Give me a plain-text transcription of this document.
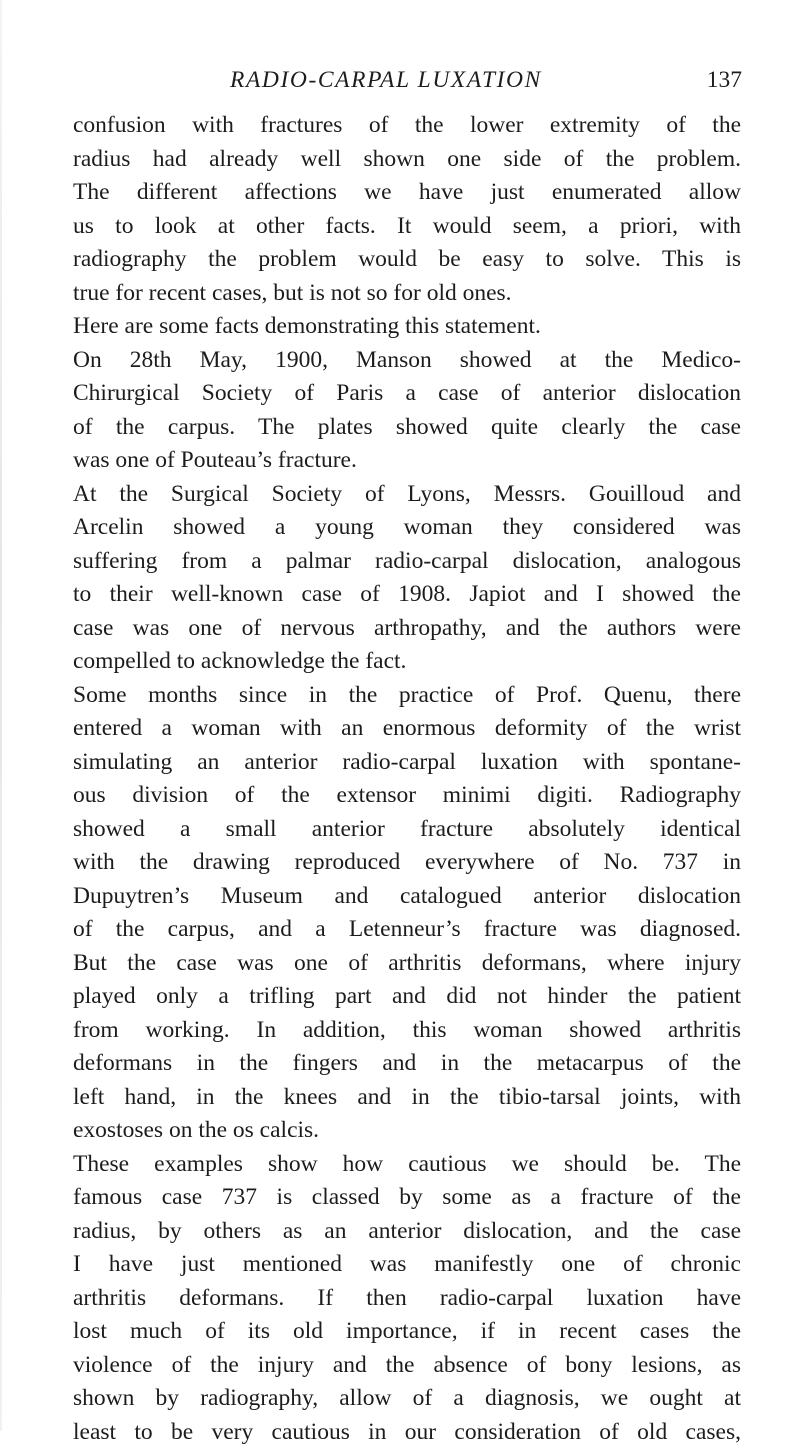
RADIO-CARPAL LUXATION	137
confusion with fractures of the lower extremity of the
radius had already well shown one side of the problem.
The different affections we have just enumerated allow
us to look at other facts. It would seem, a priori, with
radiography the problem would be easy to solve. This is
true for recent cases, but is not so for old ones.
Here are some facts demonstrating this statement.
On 28th May, 1900, Manson showed at the Medico-
Chirurgical Society of Paris a case of anterior dislocation
of the carpus. The plates showed quite clearly the case
was one of Pouteau’s fracture.
At the Surgical Society of Lyons, Messrs. Gouilloud and
Arcelin showed a young woman they considered was
suffering from a palmar radio-carpal dislocation, analogous
to their well-known case of 1908. Japiot and I showed the
case was one of nervous arthropathy, and the authors were
compelled to acknowledge the fact.
Some months since in the practice of Prof. Quenu, there
entered a woman with an enormous deformity of the wrist
simulating an anterior radio-carpal luxation with spontane-
ous division of the extensor minimi digiti. Radiography
showed a small anterior fracture absolutely identical
with the drawing reproduced everywhere of No. 737 in
Dupuytren’s Museum and catalogued anterior dislocation
of the carpus, and a Letenneur’s fracture was diagnosed.
But the case was one of arthritis deformans, where injury
played only a trifling part and did not hinder the patient
from working. In addition, this woman showed arthritis
deformans in the fingers and in the metacarpus of the
left hand, in the knees and in the tibio-tarsal joints, with
exostoses on the os calcis.
These examples show how cautious we should be. The
famous case 737 is classed by some as a fracture of the
radius, by others as an anterior dislocation, and the case
I have just mentioned was manifestly one of chronic
arthritis deformans. If then radio-carpal luxation have
lost much of its old importance, if in recent cases the
violence of the injury and the absence of bony lesions, as
shown by radiography, allow of a diagnosis, we ought at
least to be very cautious in our consideration of old cases,
